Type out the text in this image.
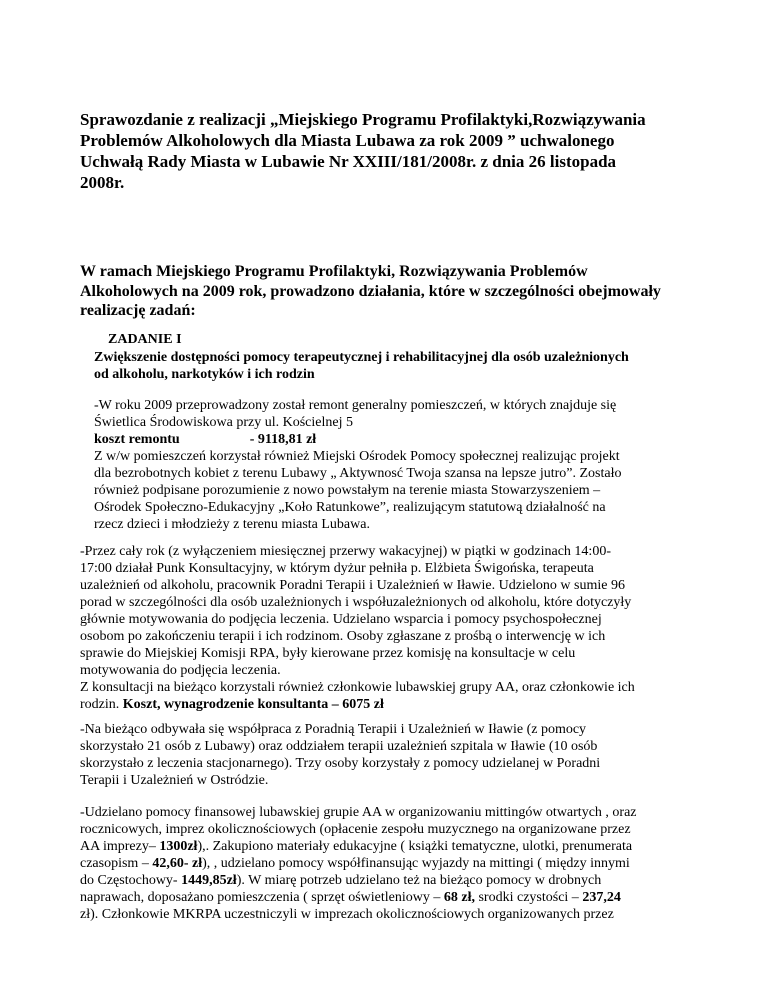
Sprawozdanie z realizacji „Miejskiego Programu Profilaktyki,Rozwiązywania
Problemów Alkoholowych dla Miasta Lubawa za rok 2009 ” uchwalonego
Uchwałą Rady Miasta w Lubawie Nr XXIII/181/2008r. z dnia 26 listopada
2008r.
W ramach Miejskiego Programu Profilaktyki, Rozwiązywania Problemów
Alkoholowych na 2009 rok, prowadzono działania, które w szczególności obejmowały
realizację zadań:
ZADANIE I
Zwiększenie dostępności pomocy terapeutycznej i rehabilitacyjnej dla osób uzależnionych
od alkoholu, narkotyków i ich rodzin
-W roku 2009 przeprowadzony został remont generalny pomieszczeń, w których znajduje się
Świetlica Środowiskowa przy ul. Kościelnej 5

koszt remontu	- 9118,81 zł
Z w/w pomieszczeń korzystał również Miejski Ośrodek Pomocy społecznej realizując projekt
dla bezrobotnych kobiet z terenu Lubawy „ Aktywnosć Twoja szansa na lepsze jutro”. Zostało
również podpisane porozumienie z nowo powstałym na terenie miasta Stowarzyszeniem –
Ośrodek Społeczno-Edukacyjny „Koło Ratunkowe”, realizującym statutową działalność na
rzecz dzieci i młodzieży z terenu miasta Lubawa.
-Przez cały rok (z wyłączeniem miesięcznej przerwy wakacyjnej) w piątki w godzinach 14:00-
17:00 działał Punk Konsultacyjny, w którym dyżur pełniła p. Elżbieta Świgońska, terapeuta
uzależnień od alkoholu, pracownik Poradni Terapii i Uzależnień w Iławie. Udzielono w sumie 96
porad w szczególności dla osób uzależnionych i współuzależnionych od alkoholu, które dotyczyły
głównie motywowania do podjęcia leczenia. Udzielano wsparcia i pomocy psychospołecznej
osobom po zakończeniu terapii i ich rodzinom. Osoby zgłaszane z prośbą o interwencję w ich
sprawie do Miejskiej Komisji RPA, były kierowane przez komisję na konsultacje w celu
motywowania do podjęcia leczenia.
Z konsultacji na bieżąco korzystali również członkowie lubawskiej grupy AA, oraz członkowie ich
rodzin. Koszt, wynagrodzenie konsultanta – 6075 zł
-Na bieżąco odbywała się współpraca z Poradnią Terapii i Uzależnień w Iławie (z pomocy
skorzystało 21 osób z Lubawy) oraz oddziałem terapii uzależnień szpitala w Iławie (10 osób
skorzystało z leczenia stacjonarnego). Trzy osoby korzystały z pomocy udzielanej w Poradni
Terapii i Uzależnień w Ostródzie.
-Udzielano pomocy finansowej lubawskiej grupie AA w organizowaniu mittingów otwartych , oraz
rocznicowych, imprez okolicznościowych (opłacenie zespołu muzycznego na organizowane przez
AA imprezy– 1300zł),. Zakupiono materiały edukacyjne ( książki tematyczne, ulotki, prenumerata
czasopism – 42,60- zł), , udzielano pomocy współfinansując wyjazdy na mittingi ( między innymi
do Częstochowy- 1449,85zł). W miarę potrzeb udzielano też na bieżąco pomocy w drobnych
naprawach, doposażano pomieszczenia ( sprzęt oświetleniowy – 68 zł, srodki czystości – 237,24
zł). Członkowie MKRPA uczestniczyli w imprezach okolicznościowych organizowanych przez
